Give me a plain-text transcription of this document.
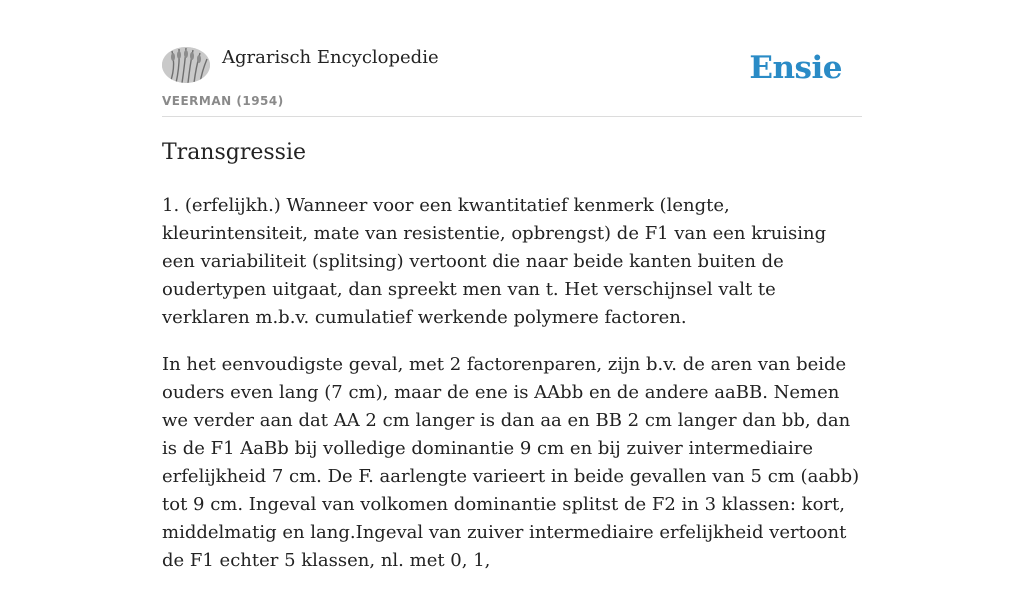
Agrarisch Encyclopedie
VEERMAN (1954)
Ensie
Transgressie

1. (erfelijkh.) Wanneer voor een kwantitatief kenmerk (lengte, kleurintensiteit, mate van resistentie, opbrengst) de F1 van een kruising een variabiliteit (splitsing) vertoont die naar beide kanten buiten de oudertypen uitgaat, dan spreekt men van t. Het verschijnsel valt te verklaren m.b.v. cumulatief werkende polymere factoren.

In het eenvoudigste geval, met 2 factorenparen, zijn b.v. de aren van beide ouders even lang (7 cm), maar de ene is AAbb en de andere aaBB. Nemen we verder aan dat AA 2 cm langer is dan aa en BB 2 cm langer dan bb, dan is de F1 AaBb bij volledige dominantie 9 cm en bij zuiver intermediaire erfelijkheid 7 cm. De F. aarlengte varieert in beide gevallen van 5 cm (aabb) tot 9 cm. Ingeval van volkomen dominantie splitst de F2 in 3 klassen: kort, middelmatig en lang.Ingeval van zuiver intermediaire erfelijkheid vertoont de F1 echter 5 klassen, nl. met 0, 1,
